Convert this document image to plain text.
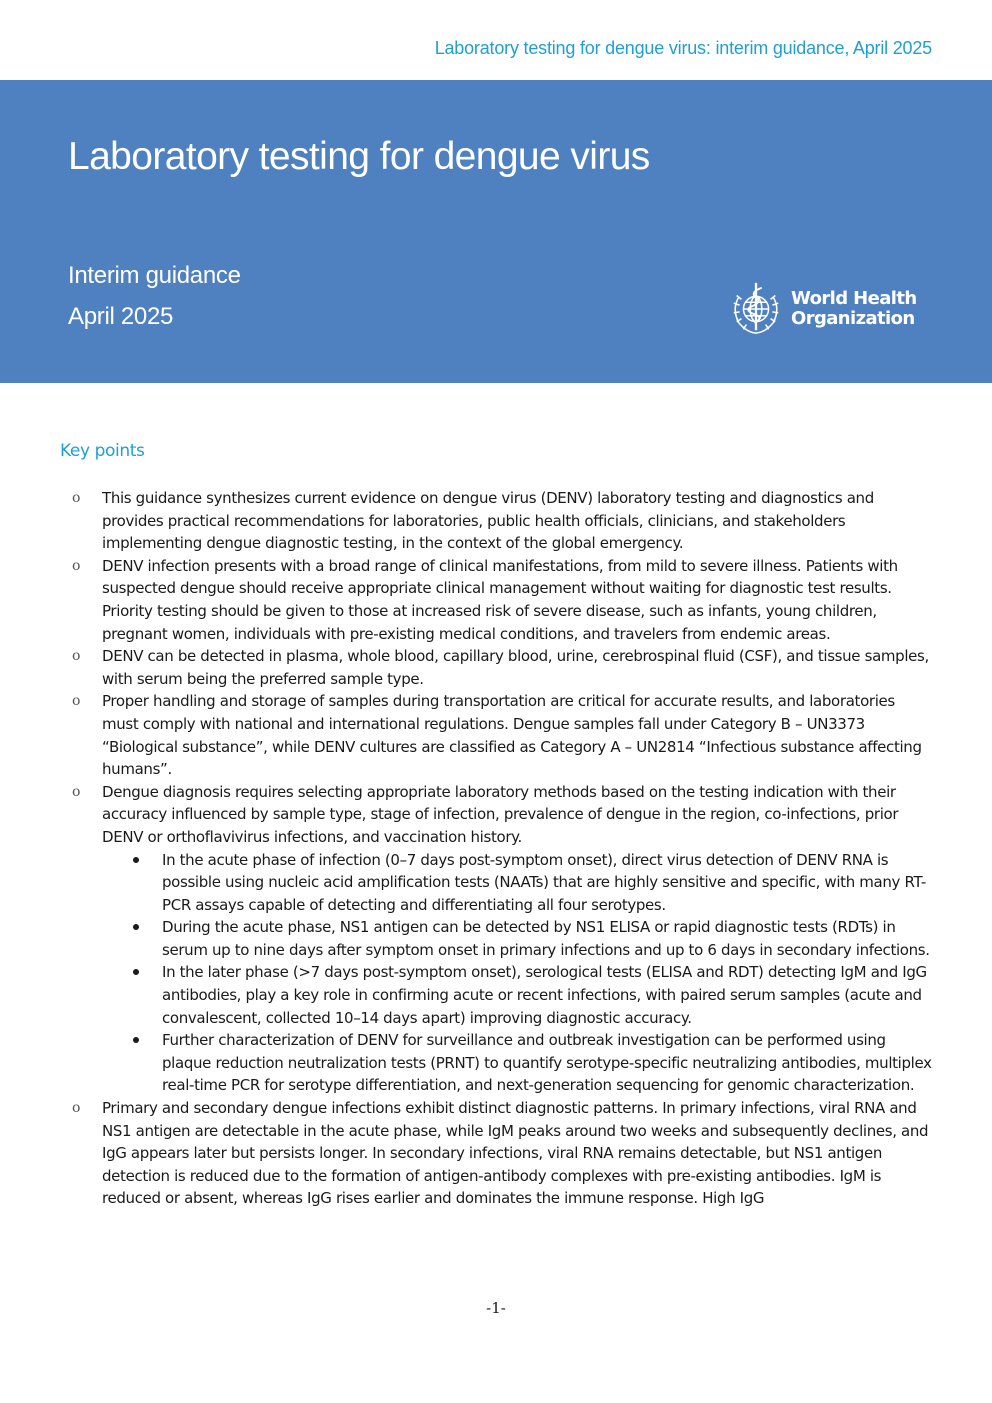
Laboratory testing for dengue virus: interim guidance, April 2025
Laboratory testing for dengue virus
Interim guidance
April 2025
World Health
Organization
Key points
o This guidance synthesizes current evidence on dengue virus (DENV) laboratory testing and diagnostics and provides practical recommendations for laboratories, public health officials, clinicians, and stakeholders implementing dengue diagnostic testing, in the context of the global emergency.
o DENV infection presents with a broad range of clinical manifestations, from mild to severe illness. Patients with suspected dengue should receive appropriate clinical management without waiting for diagnostic test results. Priority testing should be given to those at increased risk of severe disease, such as infants, young children, pregnant women, individuals with pre-existing medical conditions, and travelers from endemic areas.
o DENV can be detected in plasma, whole blood, capillary blood, urine, cerebrospinal fluid (CSF), and tissue samples, with serum being the preferred sample type.
o Proper handling and storage of samples during transportation are critical for accurate results, and laboratories must comply with national and international regulations. Dengue samples fall under Category B – UN3373 “Biological substance”, while DENV cultures are classified as Category A – UN2814 “Infectious substance affecting humans”.
o Dengue diagnosis requires selecting appropriate laboratory methods based on the testing indication with their accuracy influenced by sample type, stage of infection, prevalence of dengue in the region, co-infections, prior DENV or orthoflavivirus infections, and vaccination history.
In the acute phase of infection (0–7 days post-symptom onset), direct virus detection of DENV RNA is possible using nucleic acid amplification tests (NAATs) that are highly sensitive and specific, with many RT-PCR assays capable of detecting and differentiating all four serotypes.
During the acute phase, NS1 antigen can be detected by NS1 ELISA or rapid diagnostic tests (RDTs) in serum up to nine days after symptom onset in primary infections and up to 6 days in secondary infections.
In the later phase (>7 days post-symptom onset), serological tests (ELISA and RDT) detecting IgM and IgG antibodies, play a key role in confirming acute or recent infections, with paired serum samples (acute and convalescent, collected 10–14 days apart) improving diagnostic accuracy.
Further characterization of DENV for surveillance and outbreak investigation can be performed using plaque reduction neutralization tests (PRNT) to quantify serotype-specific neutralizing antibodies, multiplex real-time PCR for serotype differentiation, and next-generation sequencing for genomic characterization.
o Primary and secondary dengue infections exhibit distinct diagnostic patterns. In primary infections, viral RNA and NS1 antigen are detectable in the acute phase, while IgM peaks around two weeks and subsequently declines, and IgG appears later but persists longer. In secondary infections, viral RNA remains detectable, but NS1 antigen detection is reduced due to the formation of antigen-antibody complexes with pre-existing antibodies. IgM is reduced or absent, whereas IgG rises earlier and dominates the immune response. High IgG
-1-
